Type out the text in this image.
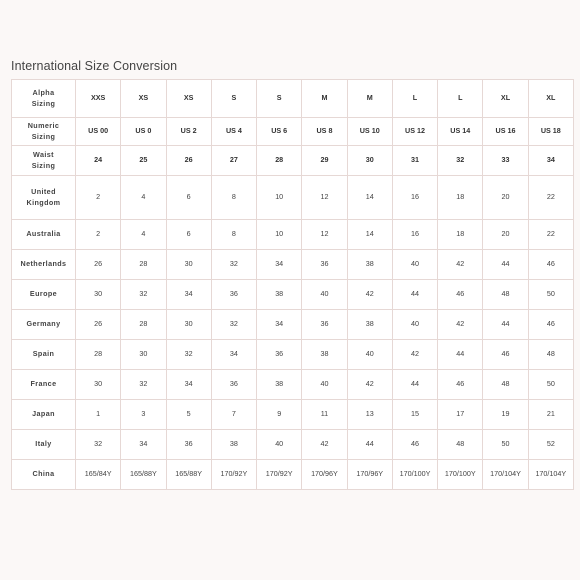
International Size Conversion
Alpha
Sizing	XXS	XS	XS	S	S	M	M	L	L	XL	XL
Numeric
Sizing	US 00	US 0	US 2	US 4	US 6	US 8	US 10	US 12	US 14	US 16	US 18
Waist
Sizing	24	25	26	27	28	29	30	31	32	33	34
United
Kingdom	2	4	6	8	10	12	14	16	18	20	22
Australia	2	4	6	8	10	12	14	16	18	20	22
Netherlands	26	28	30	32	34	36	38	40	42	44	46
Europe	30	32	34	36	38	40	42	44	46	48	50
Germany	26	28	30	32	34	36	38	40	42	44	46
Spain	28	30	32	34	36	38	40	42	44	46	48
France	30	32	34	36	38	40	42	44	46	48	50
Japan	1	3	5	7	9	11	13	15	17	19	21
Italy	32	34	36	38	40	42	44	46	48	50	52
China	165/84Y	165/88Y	165/88Y	170/92Y	170/92Y	170/96Y	170/96Y	170/100Y	170/100Y	170/104Y	170/104Y
